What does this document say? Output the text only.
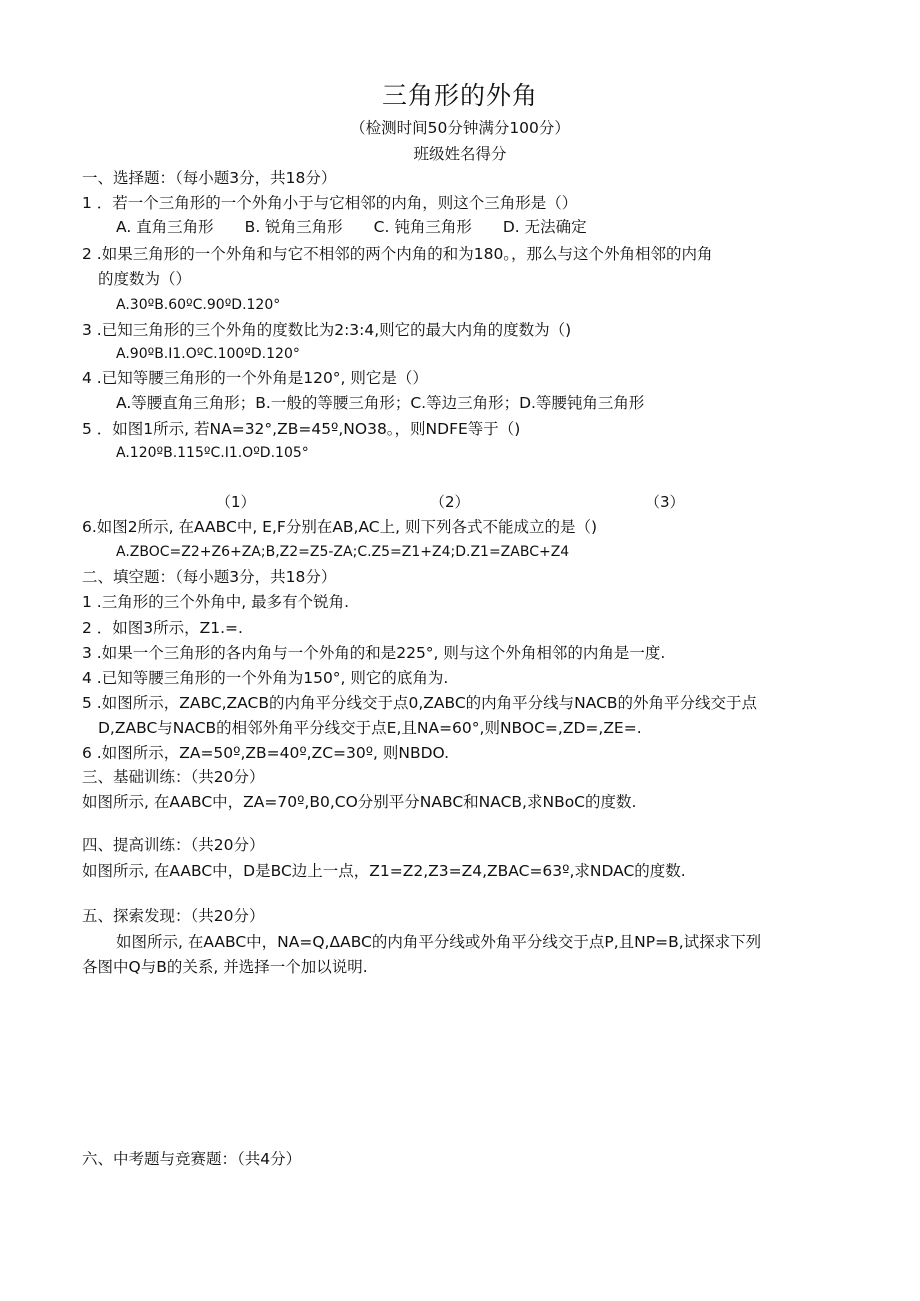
三角形的外角
（检测时间50分钟满分100分）
班级姓名得分
一、选择题：（每小题3分，共18分）
1 ．若一个三角形的一个外角小于与它相邻的内角，则这个三角形是（）
A. 直角三角形　　B. 锐角三角形　　C. 钝角三角形　　D. 无法确定
2 .如果三角形的一个外角和与它不相邻的两个内角的和为180。，那么与这个外角相邻的内角
的度数为（）
A.30ºB.60ºC.90ºD.120°
3 .已知三角形的三个外角的度数比为2:3:4,则它的最大内角的度数为（)
A.90ºB.I1.OºC.100ºD.120°
4 .已知等腰三角形的一个外角是120°, 则它是（）
A.等腰直角三角形；B.一般的等腰三角形；C.等边三角形；D.等腰钝角三角形
5 ．如图1所示, 若NA=32°,ZB=45º,NO38。，则NDFE等于（)
A.120ºB.115ºC.I1.OºD.105°
（1）	（2）	（3）
6.如图2所示, 在AABC中, E,F分别在AB,AC上, 则下列各式不能成立的是（)
A.ZBOC=Z2+Z6+ZA;B,Z2=Z5-ZA;C.Z5=Z1+Z4;D.Z1=ZABC+Z4
二、填空题：（每小题3分，共18分）
1 .三角形的三个外角中, 最多有个锐角.
2 ．如图3所示，Z1.=.
3 .如果一个三角形的各内角与一个外角的和是225°, 则与这个外角相邻的内角是一度.
4 .已知等腰三角形的一个外角为150°, 则它的底角为.
5 .如图所示，ZABC,ZACB的内角平分线交于点0,ZABC的内角平分线与NACB的外角平分线交于点
D,ZABC与NACB的相邻外角平分线交于点E,且NA=60°,则NBOC=,ZD=,ZE=.
6 .如图所示，ZA=50º,ZB=40º,ZC=30º, 则NBDO.
三、基础训练：（共20分）
如图所示, 在AABC中，ZA=70º,B0,CO分别平分NABC和NACB,求NBoC的度数.
四、提高训练：（共20分）
如图所示, 在AABC中，D是BC边上一点，Z1=Z2,Z3=Z4,ZBAC=63º,求NDAC的度数.
五、探索发现：（共20分）
如图所示, 在AABC中，NA=Q,ΔABC的内角平分线或外角平分线交于点P,且NP=B,试探求下列
各图中Q与B的关系, 并选择一个加以说明.
六、中考题与竞赛题：（共4分）
